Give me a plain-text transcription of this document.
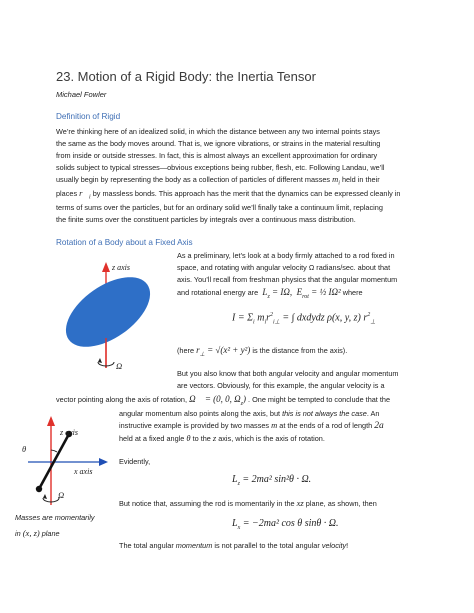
23. Motion of a Rigid Body: the Inertia Tensor
Michael Fowler
Definition of Rigid
We’re thinking here of an idealized solid, in which the distance between any two internal points stays
the same as the body moves around. That is, we ignore vibrations, or strains in the material resulting
from inside or outside stresses. In fact, this is almost always an excellent approximation for ordinary
solids subject to typical stresses—obvious exceptions being rubber, flesh, etc. Following Landau, we’ll
usually begin by representing the body as a collection of particles of different masses $m_i$ held in their
places $r⃗_i$ by massless bonds. This approach has the merit that the dynamics can be expressed cleanly in
terms of sums over the particles, but for an ordinary solid we’ll finally take a continuum limit, replacing
the finite sums over the constituent particles by integrals over a continuous mass distribution.
Rotation of a Body about a Fixed Axis
z axis
Ω
As a preliminary, let’s look at a body firmly attached to a rod fixed in
space, and rotating with angular velocity Ω radians/sec. about that
axis. You’ll recall from freshman physics that the angular momentum
and rotational energy are  $L_z = I\Omega$,  $E_{rot}$ = ½ IΩ² where
$I = \Sigma_i$ $m_ir^2_{i\perp}$ = ∫ dxdydz ρ(x, y, z) $r^2_\perp$
(here $r_\perp = √(x^2 + y^2)$ is the distance from the axis).
But you also know that both angular velocity and angular momentum
are vectors. Obviously, for this example, the angular velocity is a
vector pointing along the axis of rotation, Ω⃗ = (0, 0, $\Omega_z$) . One might be tempted to conclude that the
z axis
θ
x axis
Ω
Masses are momentarily
in (x, z) plane
angular momentum also points along the axis, but this is not always the case. An
instructive example is provided by two masses m at the ends of a rod of length 2a
held at a fixed angle θ to the z axis, which is the axis of rotation.
Evidently,
$L_z = 2ma^2$ sin²θ · Ω.
But notice that, assuming the rod is momentarily in the xz plane, as shown, then
$L_x = -2ma^2$ cos θ sinθ · Ω.
The total angular momentum is not parallel to the total angular velocity!
